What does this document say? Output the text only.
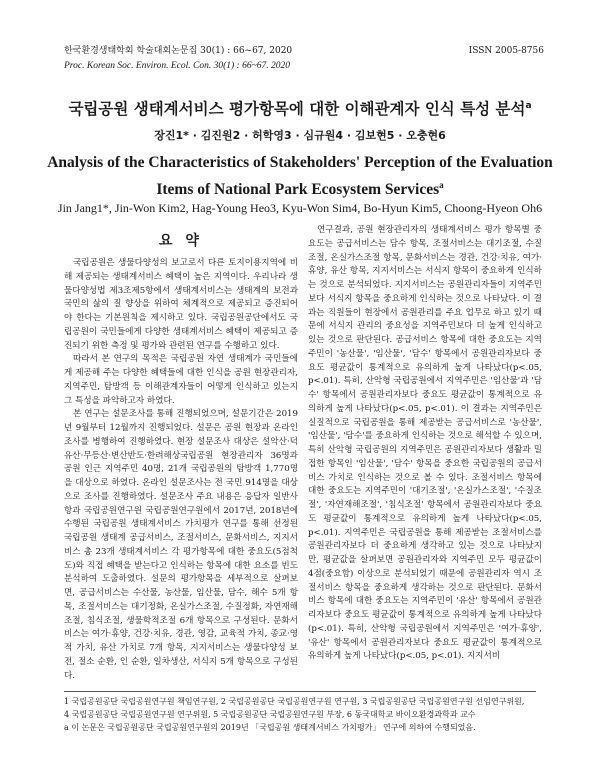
한국환경생태학회 학술대회논문집 30(1) : 66~67, 2020	ISSN 2005-8756
Proc. Korean Soc. Environ. Ecol. Con. 30(1) : 66~67. 2020
국립공원 생태계서비스 평가항목에 대한 이해관계자 인식 특성 분석$^a$
장진1* · 김진원2 · 허학영3 · 심규원4 · 김보현5 · 오충현6
Analysis of the Characteristics of Stakeholders' Perception of the Evaluation Items of National Park Ecosystem Services$^a$
Jin Jang1*, Jin-Won Kim2, Hag-Young Heo3, Kyu-Won Sim4, Bo-Hyun Kim5, Choong-Hyeon Oh6
요 약

국립공원은 생물다양성의 보고로서 다른 토지이용지역에 비해 제공되는 생태계서비스 혜택이 높은 지역이다. 우리나라 생물다양성법 제3조제5항에서 생태계서비스는 생태계의 보전과 국민의 삶의 질 향상을 위하여 체계적으로 제공되고 증진되어야 한다는 기본원칙을 제시하고 있다. 국립공원공단에서도 국립공원이 국민들에게 다양한 생태계서비스 혜택이 제공되고 증진되기 위한 측정 및 평가와 관련된 연구를 수행하고 있다.

따라서 본 연구의 목적은 국립공원 자연 생태계가 국민들에게 제공해 주는 다양한 혜택들에 대한 인식을 공원 현장관리자, 지역주민, 탐방객 등 이해관계자들이 어떻게 인식하고 있는지 그 특성을 파악하고자 하였다.

본 연구는 설문조사를 통해 진행되었으며, 설문기간은 2019년 9월부터 12월까지 진행되었다. 설문은 공원 현장과 온라인 조사를 병행하여 진행하였다. 현장 설문조사 대상은 설악산·덕유산·무등산·변산반도·한려해상국립공원 현장관리자 36명과 공원 인근 지역주민 40명, 21개 국립공원의 탐방객 1,770명을 대상으로 하였다. 온라인 설문조사는 전 국민 914명을 대상으로 조사를 진행하였다. 설문조사 주요 내용은 응답자 일반사항과 국립공원연구원 국립공원연구원에서 2017년, 2018년에 수행된 국립공원 생태계서비스 가치평가 연구를 통해 선정된 국립공원 생태계 공급서비스, 조절서비스, 문화서비스, 지지서비스 총 23개 생태계서비스 각 평가항목에 대한 중요도(5점척도)와 직접 혜택을 받는다고 인식하는 항목에 대한 요소를 빈도분석하여 도출하였다. 설문의 평가항목을 세부적으로 살펴보면, 공급서비스는 수산물, 농산물, 임산물, 담수, 해수 5개 항목, 조절서비스는 대기정화, 온실가스조절, 수질정화, 자연재해조절, 침식조절, 생물학적조절 6개 항목으로 구성된다. 문화서비스는 여가·휴양, 건강·치유, 경관, 영감, 교육적 가치, 종교·영적 가치, 유산 가치로 7개 항목, 지지서비스는 생물다양성 보전, 절소 순환, 인 순환, 일차생산, 서식지 5개 항목으로 구성된다.

연구결과, 공원 현장관리자의 생태계서비스 평가 항목별 중요도는 공급서비스는 담수 항목, 조절서비스는 대기조절, 수질조절, 온실가스조절 항목, 문화서비스는 경관, 건강·치유, 여가·휴양, 유산 항목, 지지서비스는 서식지 항목이 중요하게 인식하는 것으로 분석되었다. 지지서비스는 공원관리자들이 지역주민보다 서식지 항목을 중요하게 인식하는 것으로 나타났다. 이 결과는 직원들이 현장에서 공원관리를 주요 업무로 하고 있기 때문에 서식지 관리의 중요성을 지역주민보다 더 높게 인식하고 있는 것으로 판단된다. 공급서비스 항목에 대한 중요도는 지역주민이 '농산물', '임산물', '담수' 항목에서 공원관리자보다 중요도 평균값이 통계적으로 유의하게 높게 나타났다(p<.05, p<.01). 특히, 산악형 국립공원에서 지역주민은 '임산물'과 '담수' 항목에서 공원관리자보다 중요도 평균값이 통계적으로 유의하게 높게 나타났다(p<.05, p<.01). 이 결과는 지역주민은 실질적으로 국립공원을 통해 제공받는 공급서비스로 '농산물', '임산물', '담수'를 중요하게 인식하는 것으로 해석할 수 있으며, 특히 산악형 국립공원의 지역주민은 공원관리자보다 생활과 밀접한 항목인 '임산물', '담수' 항목을 중요한 국립공원의 공급서비스 가치로 인식하는 것으로 볼 수 있다. 조절서비스 항목에 대한 중요도는 지역주민이 '대기조절', '온실가스조절', '수질조절', '자연재해조절', '침식조절' 항목에서 공원관리자보다 중요도 평균값이 통계적으로 유의하게 높게 나타났다(p<.05, p<.01). 지역주민은 국립공원을 통해 제공받는 조절서비스를 공원관리자보다 더 중요하게 생각하고 있는 것으로 나타났지만, 평균값을 살펴보면 공원관리자와 지역주민 모두 평균값이 4점(중요함) 이상으로 분석되었기 때문에 공원관리자 역시 조절서비스 항목을 중요하게 생각하는 것으로 판단된다. 문화서비스 항목에 대한 중요도는 지역주민이 '유산' 항목에서 공원관리자보다 중요도 평균값이 통계적으로 유의하게 높게 나타났다(p<.01). 특히, 산악형 국립공원에서 지역주민은 '여가·휴양', '유산' 항목에서 공원관리자보다 중요도 평균값이 통계적으로 유의하게 높게 나타났다(p<.05, p<.01). 지지서비

1 국립공원공단 국립공원연구원 책임연구원, 2 국립공원공단 국립공원연구원 연구원, 3 국립공원공단 국립공원연구원 선임연구위원,
4 국립공원공단 국립공원연구원 연구위원, 5 국립공원공단 국립공원연구원 부장, 6 동국대학교 바이오환경과학과 교수
a 이 논문은 국립공원공단 국립공원연구원의 2019년 「국립공원 생태계서비스 가치평가」 연구에 의하여 수행되었음.
